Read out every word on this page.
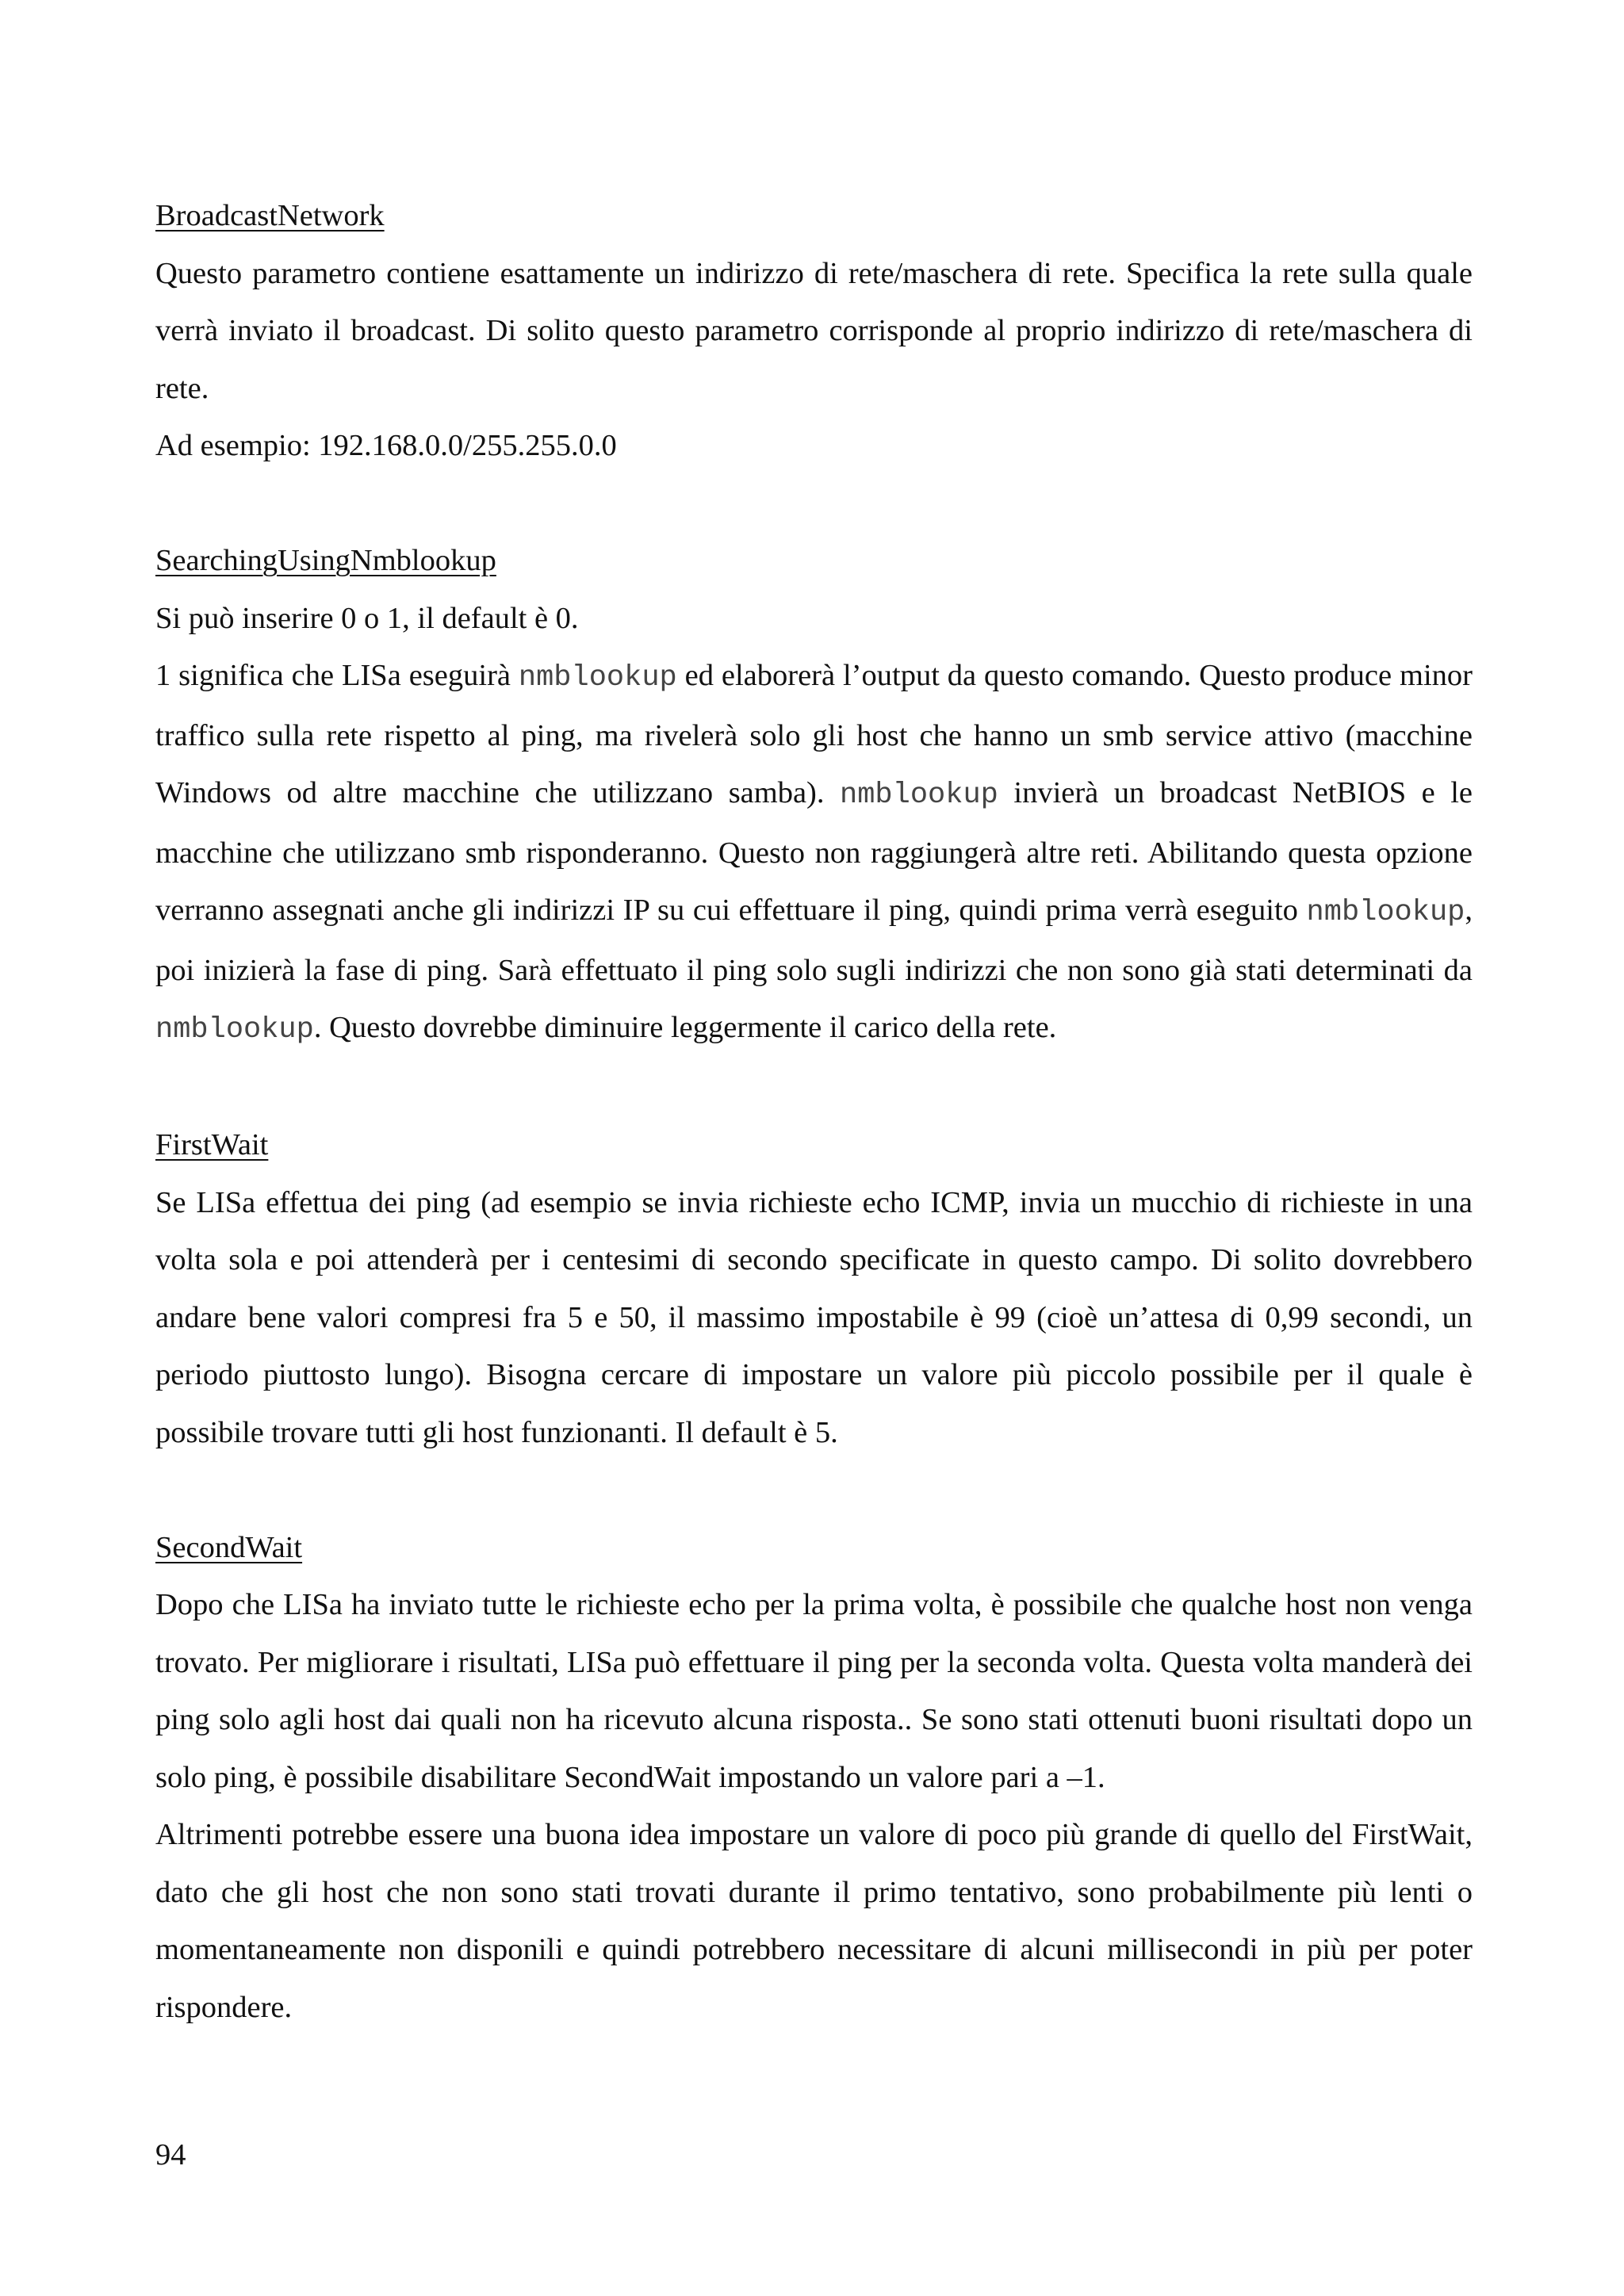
BroadcastNetwork

Questo parametro contiene esattamente un indirizzo di rete/maschera di rete. Specifica la rete sulla quale verrà inviato il broadcast. Di solito questo parametro corrisponde al proprio indirizzo di rete/maschera di rete.

Ad esempio: 192.168.0.0/255.255.0.0

SearchingUsingNmblookup

Si può inserire 0 o 1, il default è 0.

1 significa che LISa eseguirà nmblookup ed elaborerà l’output da questo comando. Questo produce minor traffico sulla rete rispetto al ping, ma rivelerà solo gli host che hanno un smb service attivo (macchine Windows od altre macchine che utilizzano samba). nmblookup invierà un broadcast NetBIOS e le macchine che utilizzano smb risponderanno. Questo non raggiungerà altre reti. Abilitando questa opzione verranno assegnati anche gli indirizzi IP su cui effettuare il ping, quindi prima verrà eseguito nmblookup, poi inizierà la fase di ping. Sarà effettuato il ping solo sugli indirizzi che non sono già stati determinati da nmblookup. Questo dovrebbe diminuire leggermente il carico della rete.

FirstWait

Se LISa effettua dei ping (ad esempio se invia richieste echo ICMP, invia un mucchio di richieste in una volta sola e poi attenderà per i centesimi di secondo specificate in questo campo. Di solito dovrebbero andare bene valori compresi fra 5 e 50, il massimo impostabile è 99 (cioè un’attesa di 0,99 secondi, un periodo piuttosto lungo). Bisogna cercare di impostare un valore più piccolo possibile per il quale è possibile trovare tutti gli host funzionanti. Il default è 5.

SecondWait

Dopo che LISa ha inviato tutte le richieste echo per la prima volta, è possibile che qualche host non venga trovato. Per migliorare i risultati, LISa può effettuare il ping per la seconda volta. Questa volta manderà dei ping solo agli host dai quali non ha ricevuto alcuna risposta.. Se sono stati ottenuti buoni risultati dopo un solo ping, è possibile disabilitare SecondWait impostando un valore pari a –1.

Altrimenti potrebbe essere una buona idea impostare un valore di poco più grande di quello del FirstWait, dato che gli host che non sono stati trovati durante il primo tentativo, sono probabilmente più lenti o momentaneamente non disponili e quindi potrebbero necessitare di alcuni millisecondi in più per poter rispondere.

94
